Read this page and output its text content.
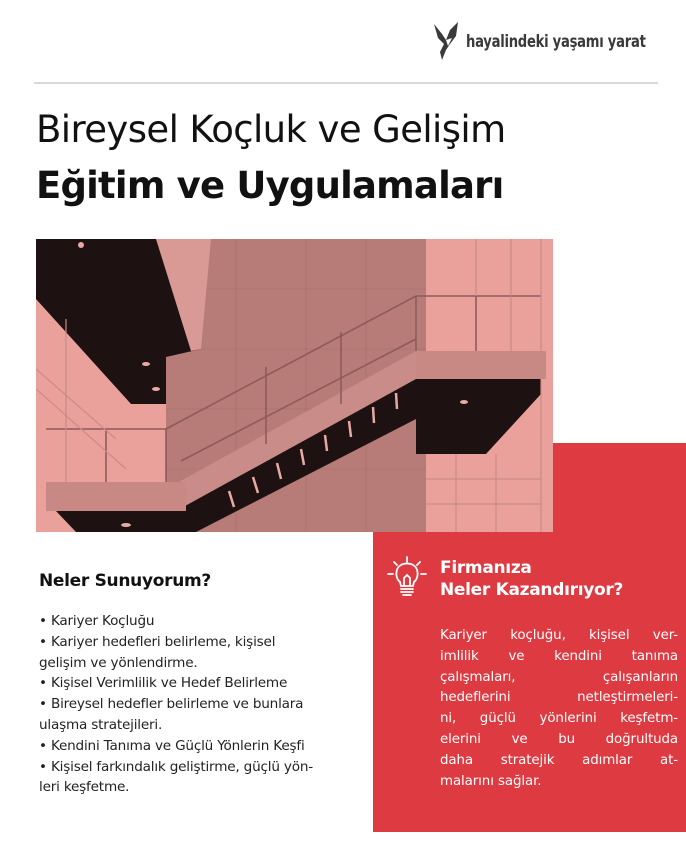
hayalindeki yaşamı yarat
Bireysel Koçluk ve Gelişim
Eğitim ve Uygulamaları
Neler Sunuyorum?
• Kariyer Koçluğu
• Kariyer hedefleri belirleme, kişisel
gelişim ve yönlendirme.
• Kişisel Verimlilik ve Hedef Belirleme
• Bireysel hedefler belirleme ve bunlara
ulaşma stratejileri.
• Kendini Tanıma ve Güçlü Yönlerin Keşfi
• Kişisel farkındalık geliştirme, güçlü yön-
leri keşfetme.
Firmanıza
Neler Kazandırıyor?
Kariyer koçluğu, kişisel ver-
imlilik ve kendini tanıma
çalışmaları, çalışanların
hedeflerini netleştirmeleri-
ni, güçlü yönlerini keşfetm-
elerini ve bu doğrultuda
daha stratejik adımlar at-
malarını sağlar.
